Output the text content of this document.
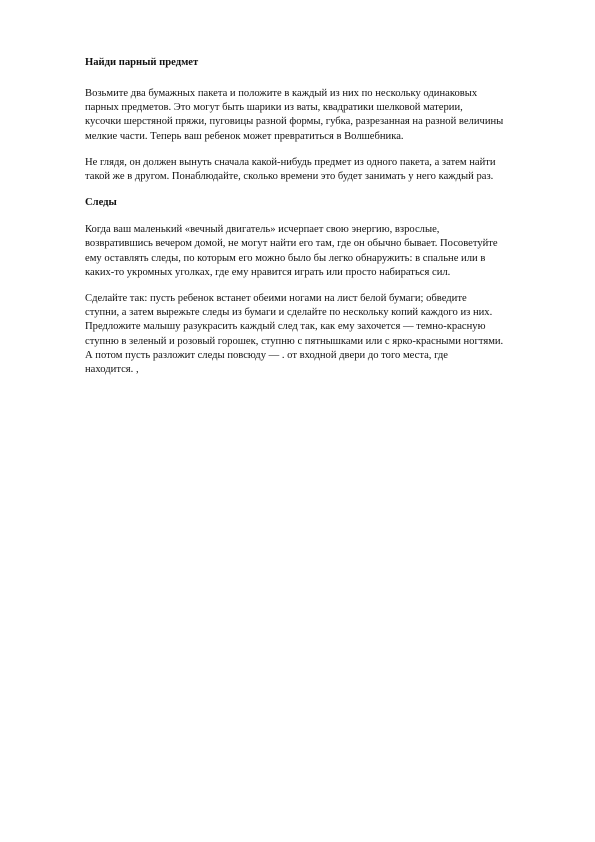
Найди парный предмет
Возьмите два бумажных пакета и положите в каждый из них по нескольку одинаковых
парных предметов. Это могут быть шарики из ваты, квадратики шелковой материи,
кусочки шерстяной пряжи, пуговицы разной формы, губка, разрезанная на разной величины
мелкие части. Теперь ваш ребенок может превратиться в Волшебника.
Не глядя, он должен вынуть сначала какой-нибудь предмет из одного пакета, а затем найти
такой же в другом. Понаблюдайте, сколько времени это будет занимать у него каждый раз.
Следы
Когда ваш маленький «вечный двигатель» исчерпает свою энергию, взрослые,
возвратившись вечером домой, не могут найти его там, где он обычно бывает. Посоветуйте
ему оставлять следы, по которым его можно было бы легко обнаружить: в спальне или в
каких-то укромных уголках, где ему нравится играть или просто набираться сил.
Сделайте так: пусть ребенок встанет обеими ногами на лист белой бумаги; обведите
ступни, а затем вырежьте следы из бумаги и сделайте по нескольку копий каждого из них.
Предложите малышу разукрасить каждый след так, как ему захочется — темно-красную
ступню в зеленый и розовый горошек, ступню с пятнышками или с ярко-красными ногтями.
А потом пусть разложит следы повсюду — . от входной двери до того места, где
находится. ,
